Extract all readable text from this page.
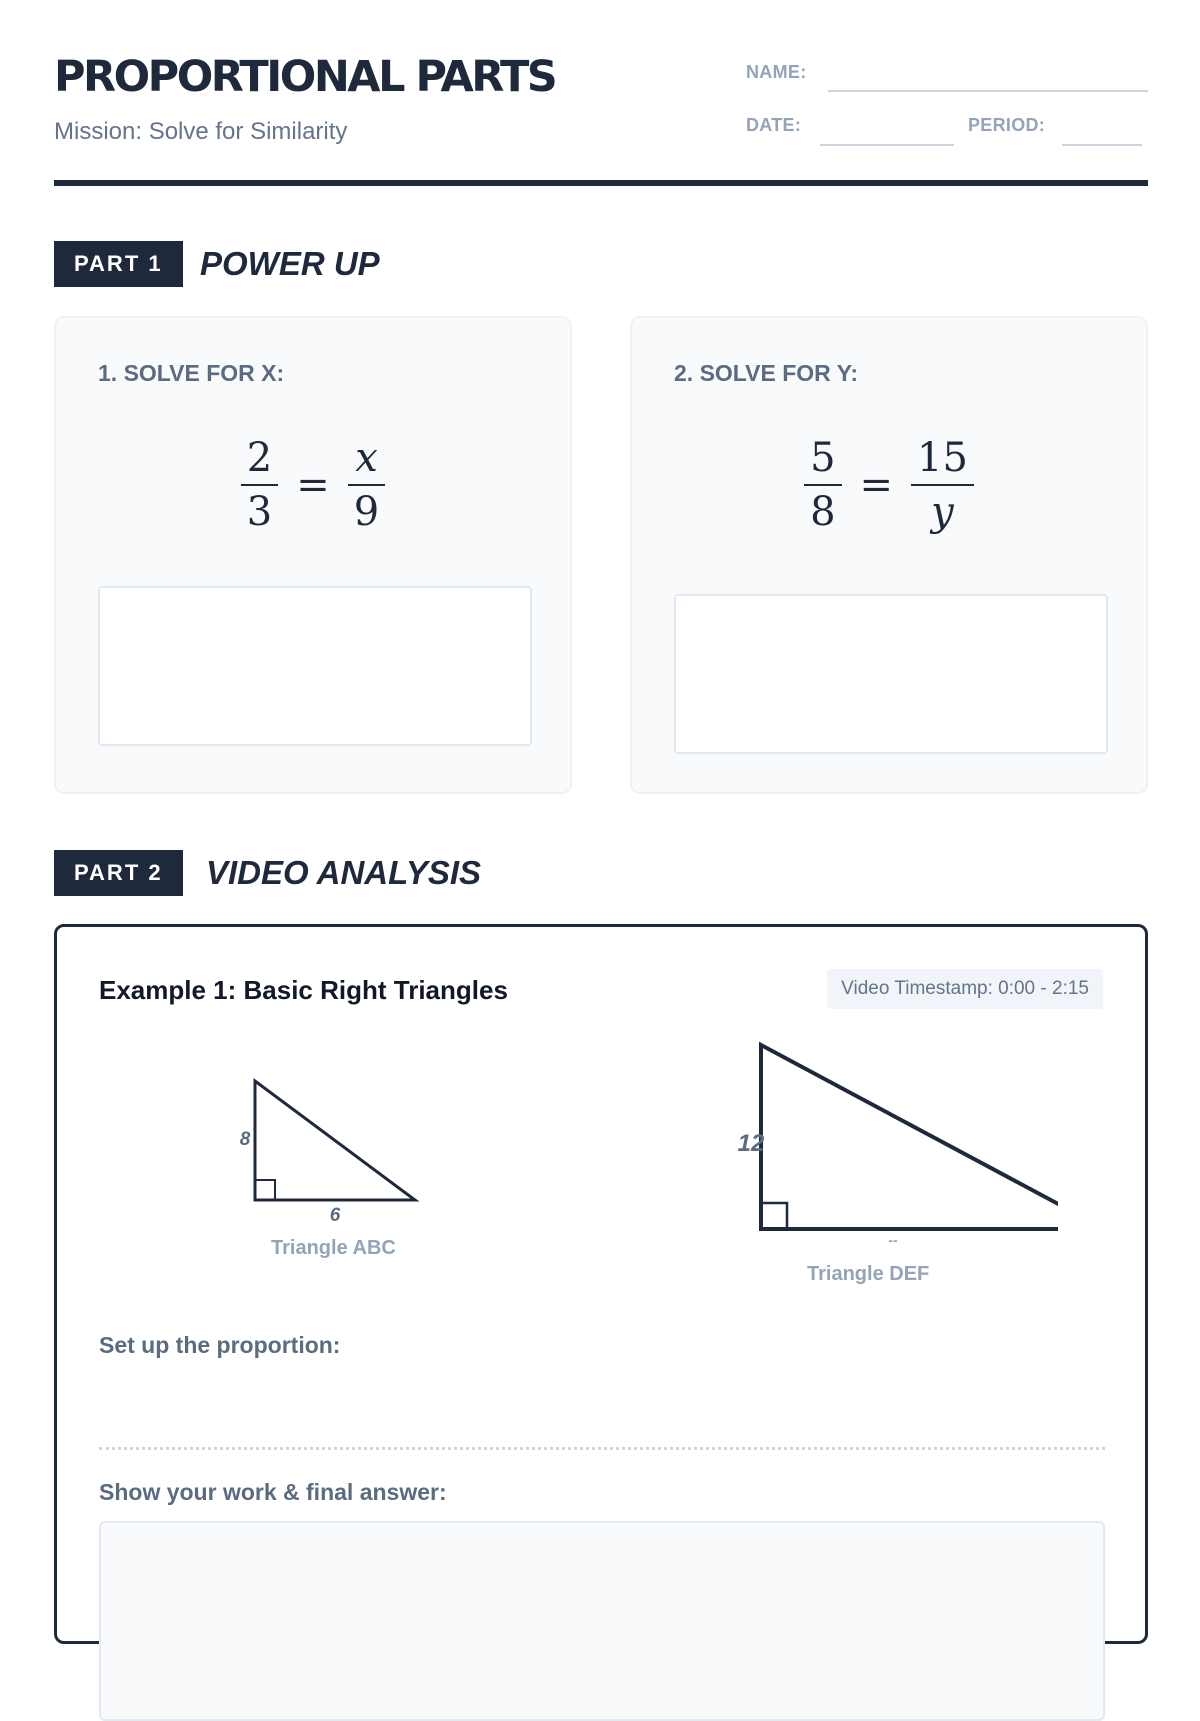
PROPORTIONAL PARTS
Mission: Solve for Similarity
NAME:
DATE:	PERIOD:
PART 1	POWER UP
1. SOLVE FOR X:
$\frac{2}{3} = \frac{x}{9}$
2. SOLVE FOR Y:
$\frac{5}{8} = \frac{15}{y}$
PART 2	VIDEO ANALYSIS
Example 1: Basic Right Triangles	Video Timestamp: 0:00 - 2:15
8
6
Triangle ABC
12
--
Triangle DEF
Set up the proportion:
Show your work & final answer:
